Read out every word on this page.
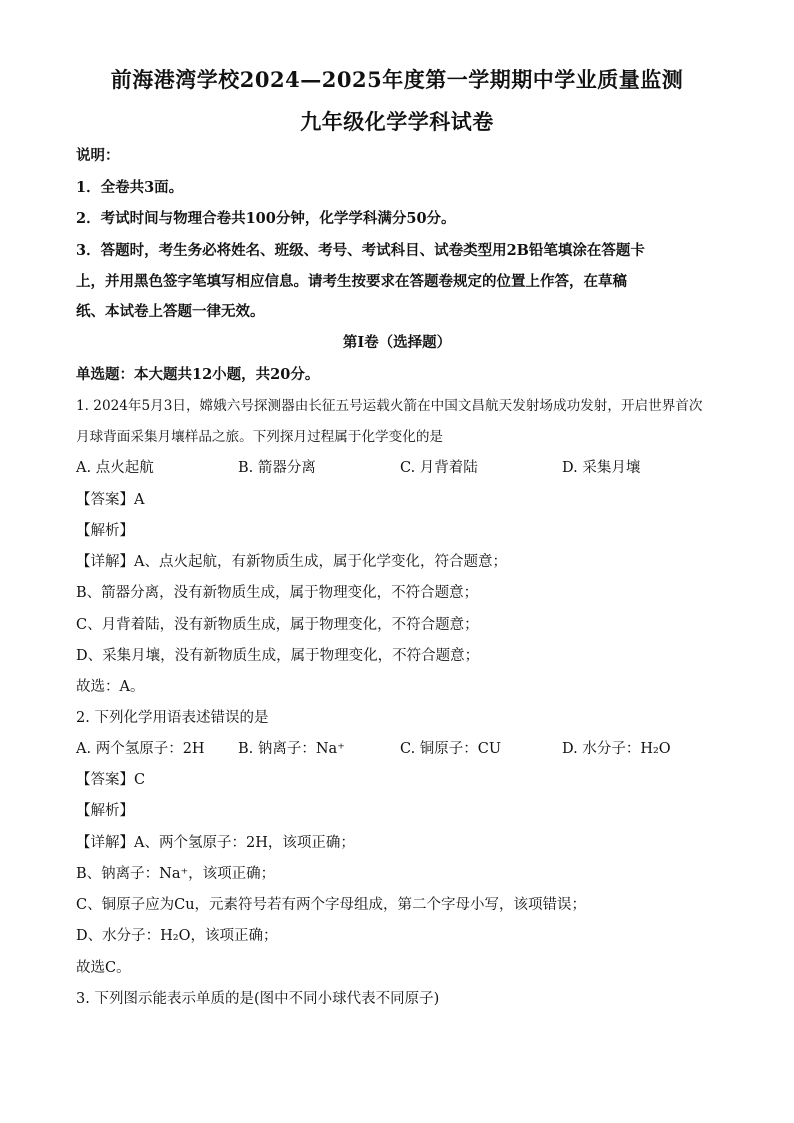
前海港湾学校2024—2025年度第一学期期中学业质量监测
九年级化学学科试卷
说明：
1．全卷共3面。
2．考试时间与物理合卷共100分钟，化学学科满分50分。
3．答题时，考生务必将姓名、班级、考号、考试科目、试卷类型用2B铅笔填涂在答题卡
上，并用黑色签字笔填写相应信息。请考生按要求在答题卷规定的位置上作答，在草稿
纸、本试卷上答题一律无效。
第Ⅰ卷（选择题）
单选题：本大题共12小题，共20分。
1. 2024年5月3日，嫦娥六号探测器由长征五号运载火箭在中国文昌航天发射场成功发射，开启世界首次
月球背面采集月壤样品之旅。下列探月过程属于化学变化的是
A. 点火起航	B. 箭器分离	C. 月背着陆	D. 采集月壤
【答案】A
【解析】
【详解】A、点火起航，有新物质生成，属于化学变化，符合题意；
B、箭器分离，没有新物质生成，属于物理变化，不符合题意；
C、月背着陆，没有新物质生成，属于物理变化，不符合题意；
D、采集月壤，没有新物质生成，属于物理变化，不符合题意；
故选：A。
2. 下列化学用语表述错误的是
A. 两个氢原子：2H B. 钠离子：Na⁺	C. 铜原子：CU	D. 水分子：H₂O
【答案】C
【解析】
【详解】A、两个氢原子：2H，该项正确；
B、钠离子：Na⁺，该项正确；
C、铜原子应为Cu，元素符号若有两个字母组成，第二个字母小写，该项错误；
D、水分子：H₂O，该项正确；
故选C。
3. 下列图示能表示单质的是(图中不同小球代表不同原子)
